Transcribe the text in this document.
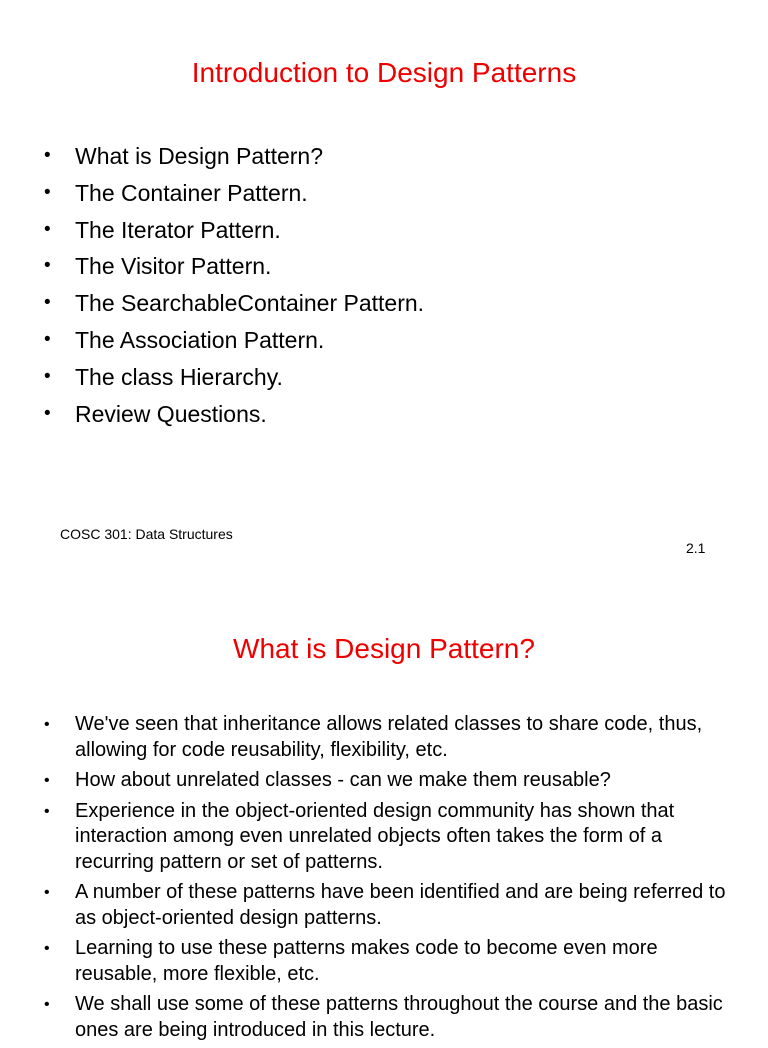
Introduction to Design Patterns
• What is Design Pattern?
• The Container Pattern.
• The Iterator Pattern.
• The Visitor Pattern.
• The SearchableContainer Pattern.
• The Association Pattern.
• The class Hierarchy.
• Review Questions.
COSC 301: Data Structures
2.1
What is Design Pattern?
• We've seen that inheritance allows related classes to share code, thus, allowing for code reusability, flexibility, etc.
• How about unrelated classes - can we make them reusable?
• Experience in the object-oriented design community has shown that interaction among even unrelated objects often takes the form of a recurring pattern or set of patterns.
• A number of these patterns have been identified and are being referred to as object-oriented design patterns.
• Learning to use these patterns makes code to become even more reusable, more flexible, etc.
• We shall use some of these patterns throughout the course and the basic ones are being introduced in this lecture.
